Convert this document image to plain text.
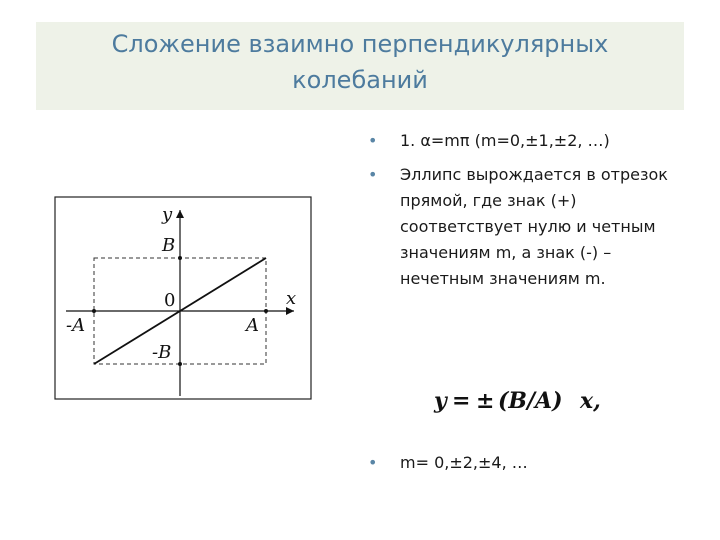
Сложение взаимно перпендикулярных
колебаний
y
B
0	x
-A	A
-B
• 1. α=mπ (m=0,±1,±2, …)
• Эллипс вырождается в отрезок прямой, где знак (+) соответствует нулю и четным значениям m, а знак (-) –нечетным значениям m.
y = ± (B/A) x,
• m= 0,±2,±4, …
